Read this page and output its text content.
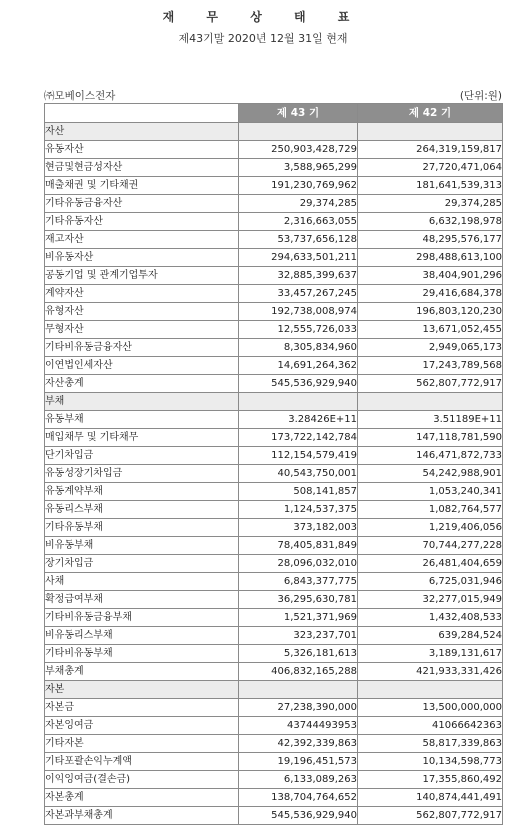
재 무 상 태 표
제43기말 2020년 12월 31일 현재
㈜모베이스전자	(단위:원)
	제 43 기	제 42 기
자산		
유동자산	250,903,428,729	264,319,159,817
현금및현금성자산	3,588,965,299	27,720,471,064
매출채권 및 기타채권	191,230,769,962	181,641,539,313
기타유동금융자산	29,374,285	29,374,285
기타유동자산	2,316,663,055	6,632,198,978
재고자산	53,737,656,128	48,295,576,177
비유동자산	294,633,501,211	298,488,613,100
공동기업 및 관계기업투자	32,885,399,637	38,404,901,296
계약자산	33,457,267,245	29,416,684,378
유형자산	192,738,008,974	196,803,120,230
무형자산	12,555,726,033	13,671,052,455
기타비유동금융자산	8,305,834,960	2,949,065,173
이연법인세자산	14,691,264,362	17,243,789,568
자산총계	545,536,929,940	562,807,772,917
부채		
유동부채	3.28426E+11	3.51189E+11
매입채무 및 기타채무	173,722,142,784	147,118,781,590
단기차입금	112,154,579,419	146,471,872,733
유동성장기차입금	40,543,750,001	54,242,988,901
유동계약부채	508,141,857	1,053,240,341
유동리스부채	1,124,537,375	1,082,764,577
기타유동부채	373,182,003	1,219,406,056
비유동부채	78,405,831,849	70,744,277,228
장기차입금	28,096,032,010	26,481,404,659
사채	6,843,377,775	6,725,031,946
확정급여부채	36,295,630,781	32,277,015,949
기타비유동금융부채	1,521,371,969	1,432,408,533
비유동리스부채	323,237,701	639,284,524
기타비유동부채	5,326,181,613	3,189,131,617
부채총계	406,832,165,288	421,933,331,426
자본		
자본금	27,238,390,000	13,500,000,000
자본잉여금	43744493953	41066642363
기타자본	42,392,339,863	58,817,339,863
기타포괄손익누계액	19,196,451,573	10,134,598,773
이익잉여금(결손금)	6,133,089,263	17,355,860,492
자본총계	138,704,764,652	140,874,441,491
자본과부채총계	545,536,929,940	562,807,772,917
